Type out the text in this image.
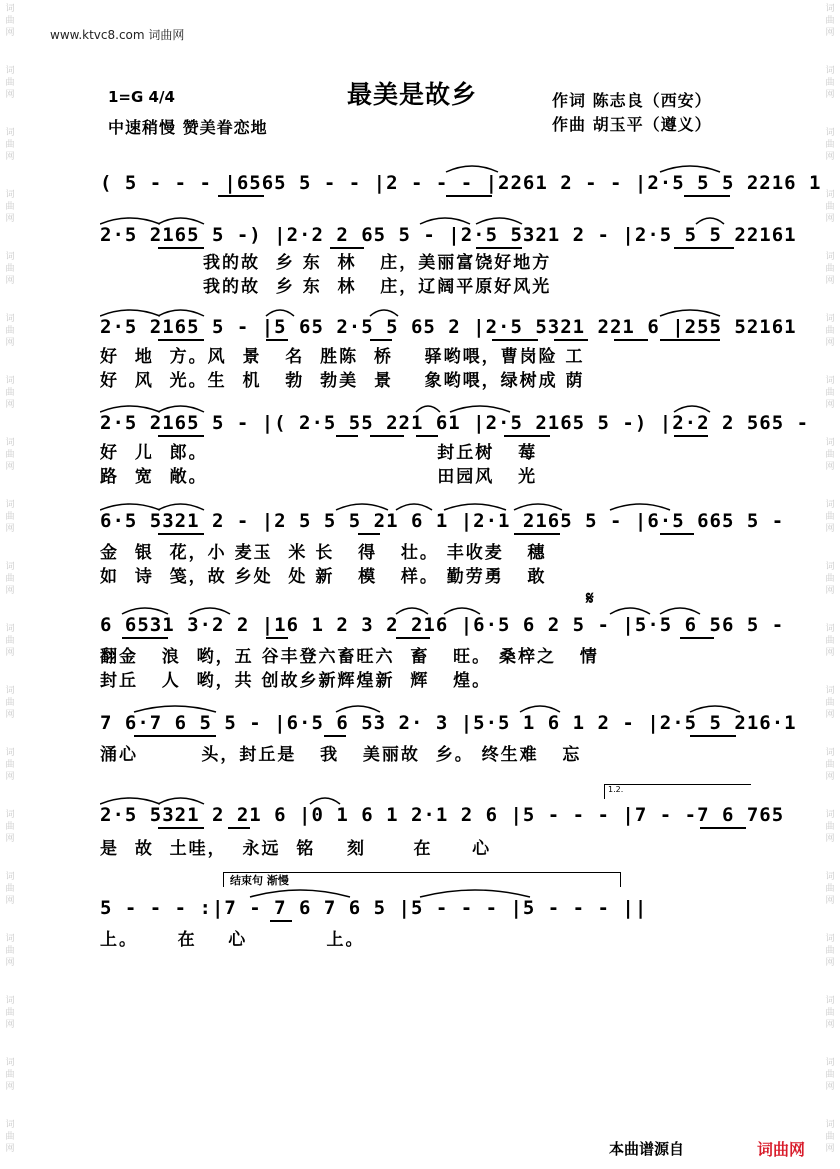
词
曲
网
词
曲
网
词
曲
网
词
曲
网
词
曲
网
词
曲
网
词
曲
网
词
曲
网
词
曲
网
词
曲
网
词
曲
网
词
曲
网
词
曲
网
词
曲
网
词
曲
网
词
曲
网
词
曲
网
词
曲
网
词
曲
网
词
曲
网
词
曲
网
词
曲
网
词
曲
网
词
曲
网
词
曲
网
词
曲
网
词
曲
网
词
曲
网
词
曲
网
词
曲
网
词
曲
网
词
曲
网
词
曲
网
词
曲
网
词
曲
网
词
曲
网
词
曲
网
词
曲
网
www.ktvc8.com 词曲网
最美是故乡
1=G 4/4
中速稍慢 赞美眷恋地
作词 陈志良（西安）
作曲 胡玉平（遵义）
( 5 - - - |6565 5 - - |2 - - - |2261 2 - - |2·5 5 5 2216 1
2·5 2165 5 -) |2·2 2 65 5 - |2·5 5321 2 - |2·5 5 5 22161
我的故  乡 东  林   庄，美丽富饶好地方
我的故  乡 东  林   庄，辽阔平原好风光
2·5 2165 5 - |5 65 2·5 5 65 2 |2·5 5321 221 6 |255 52161
好  地  方。风  景   名  胜陈  桥    驿哟喂，曹岗险 工
好  风  光。生  机   勃  勃美  景    象哟喂，绿树成 荫
2·5 2165 5 - |( 2·5 55 221 61 |2·5 2165 5 -) |2·2 2 565 -
好  儿  郎。                             封丘树   莓
路  宽  敞。                             田园风   光
6·5 5321 2 - |2 5 5 5 21 6 1 |2·1 2165 5 - |6·5 665 5 -
金  银  花，小 麦玉  米 长   得   壮。 丰收麦   穗
如  诗  笺，故 乡处  处 新   模   样。 勤劳勇   敢
𝄋
6 6531 3·2 2 |16 1 2 3 2 216 |6·5 6 2 5 - |5·5 6 56 5 -
翻金   浪  哟，五 谷丰登六畜旺六  畜   旺。 桑梓之   情
封丘   人  哟，共 创故乡新辉煌新  辉   煌。
7 6·7 6 5 5 - |6·5 6 53 2· 3 |5·5 1 6 1 2 - |2·5 5 216·1
涌心        头，封丘是   我   美丽故  乡。 终生难   忘
1.2.
2·5 5321 2 21 6 |0 1 6 1 2·1 2 6 |5 - - - |7 - -7 6 765
是  故  土哇，  永远  铭    刻      在     心
结束句 渐慢
5 - - - :|7 - 7 6 7 6 5 |5 - - - |5 - - - ||
上。     在    心          上。
本曲谱源自	词曲网
